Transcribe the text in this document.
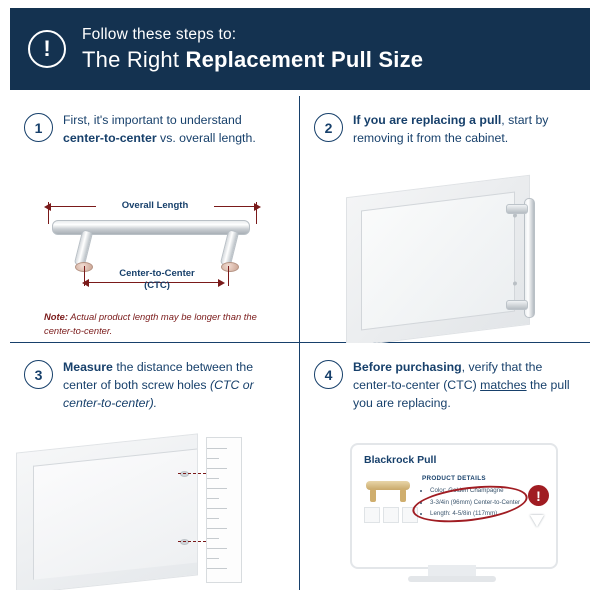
!
Follow these steps to:
The Right Replacement Pull Size
1	First, it's important to understand center-to-center vs. overall length.
Overall Length
Center-to-Center
(CTC)
Note: Actual product length may be longer than the center-to-center.
2	If you are replacing a pull, start by removing it from the cabinet.
3	Measure the distance between the center of both screw holes (CTC or center-to-center).
4	Before purchasing, verify that the center-to-center (CTC) matches the pull you are replacing.
Blackrock Pull
PRODUCT DETAILS
• Color: Golden Champagne
• 3-3/4in (96mm) Center-to-Center
• Length: 4-5/8in (117mm)
!
